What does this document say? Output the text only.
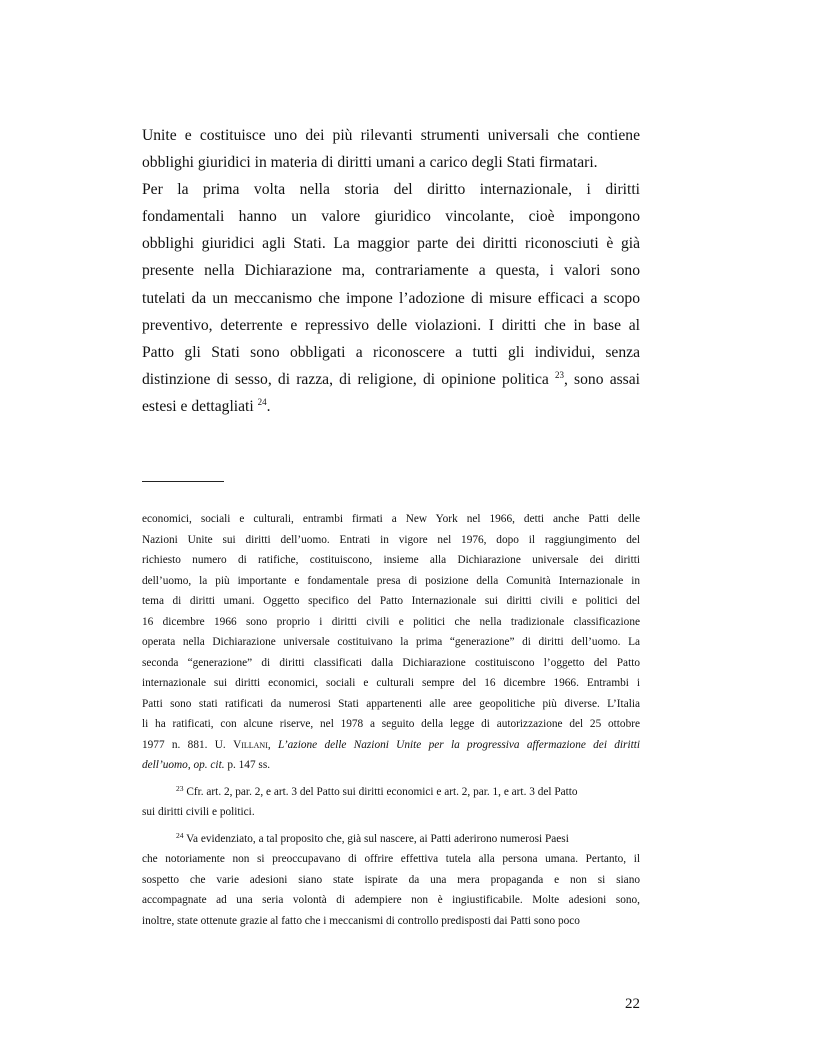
Unite e costituisce uno dei più rilevanti strumenti universali che contiene
obblighi giuridici in materia di diritti umani a carico degli Stati firmatari.
Per la prima volta nella storia del diritto internazionale, i diritti
fondamentali hanno un valore giuridico vincolante, cioè impongono
obblighi giuridici agli Stati. La maggior parte dei diritti riconosciuti è già
presente nella Dichiarazione ma, contrariamente a questa, i valori sono
tutelati da un meccanismo che impone l’adozione di misure efficaci a scopo
preventivo, deterrente e repressivo delle violazioni. I diritti che in base al
Patto gli Stati sono obbligati a riconoscere a tutti gli individui, senza
distinzione di sesso, di razza, di religione, di opinione politica $^{23}$, sono assai
estesi e dettagliati $^{24}$.
economici, sociali e culturali, entrambi firmati a New York nel 1966, detti anche Patti delle
Nazioni Unite sui diritti dell’uomo. Entrati in vigore nel 1976, dopo il raggiungimento del
richiesto numero di ratifiche, costituiscono, insieme alla Dichiarazione universale dei diritti
dell’uomo, la più importante e fondamentale presa di posizione della Comunità Internazionale in
tema di diritti umani. Oggetto specifico del Patto Internazionale sui diritti civili e politici del
16 dicembre 1966 sono proprio i diritti civili e politici che nella tradizionale classificazione
operata nella Dichiarazione universale costituivano la prima “generazione” di diritti dell’uomo. La
seconda “generazione” di diritti classificati dalla Dichiarazione costituiscono l’oggetto del Patto
internazionale sui diritti economici, sociali e culturali sempre del 16 dicembre 1966. Entrambi i
Patti sono stati ratificati da numerosi Stati appartenenti alle aree geopolitiche più diverse. L’Italia
li ha ratificati, con alcune riserve, nel 1978 a seguito della legge di autorizzazione del 25 ottobre
1977 n. 881. U. Villani, L’azione delle Nazioni Unite per la progressiva affermazione dei diritti
dell’uomo, op. cit. p. 147 ss.
$^{23}$ Cfr. art. 2, par. 2, e art. 3 del Patto sui diritti economici e art. 2, par. 1, e art. 3 del Patto
sui diritti civili e politici.
$^{24}$ Va evidenziato, a tal proposito che, già sul nascere, ai Patti aderirono numerosi Paesi
che notoriamente non si preoccupavano di offrire effettiva tutela alla persona umana. Pertanto, il
sospetto che varie adesioni siano state ispirate da una mera propaganda e non si siano
accompagnate ad una seria volontà di adempiere non è ingiustificabile. Molte adesioni sono,
inoltre, state ottenute grazie al fatto che i meccanismi di controllo predisposti dai Patti sono poco
22
